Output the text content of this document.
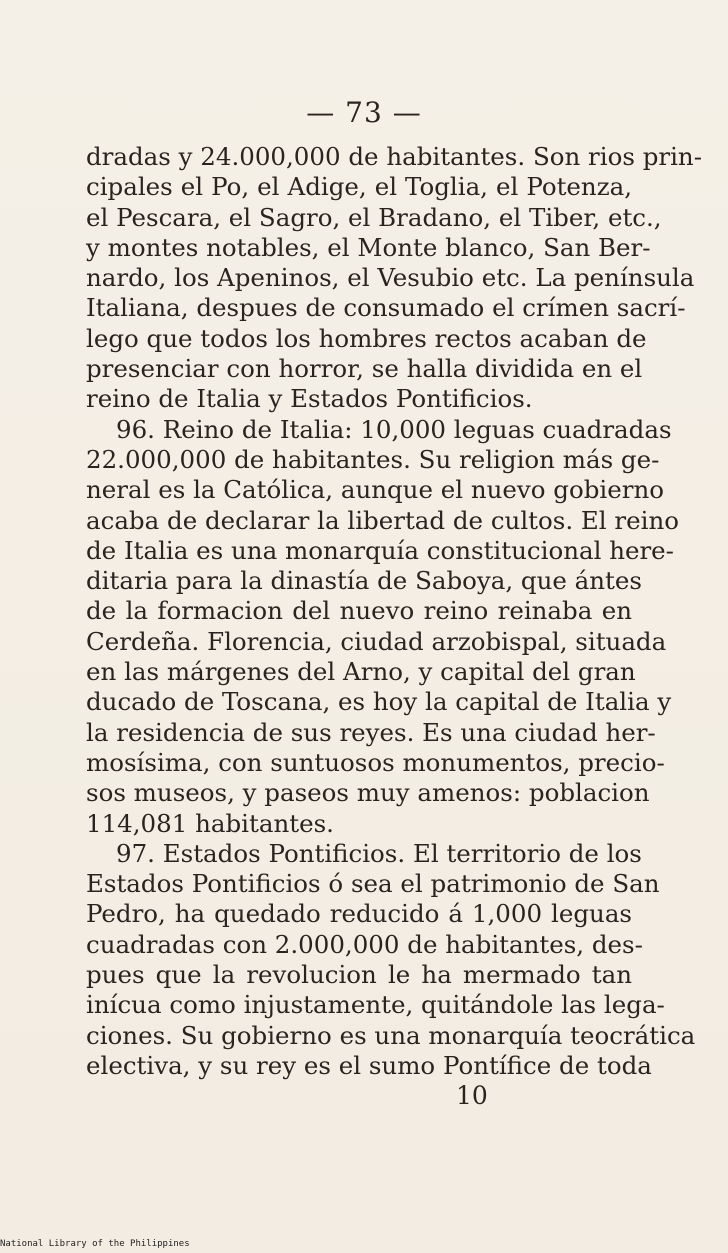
— 73 —
dradas y 24.000,000 de habitantes. Son rios prin-
cipales el Po, el Adige, el Toglia, el Potenza,
el Pescara, el Sagro, el Bradano, el Tiber, etc.,
y montes notables, el Monte blanco, San Ber-
nardo, los Apeninos, el Vesubio etc. La península
Italiana, despues de consumado el crímen sacrí-
lego que todos los hombres rectos acaban de
presenciar con horror, se halla dividida en el
reino de Italia y Estados Pontificios.
96. Reino de Italia: 10,000 leguas cuadradas
22.000,000 de habitantes. Su religion más ge-
neral es la Católica, aunque el nuevo gobierno
acaba de declarar la libertad de cultos. El reino
de Italia es una monarquía constitucional here-
ditaria para la dinastía de Saboya, que ántes
de la formacion del nuevo reino reinaba en
Cerdeña. Florencia, ciudad arzobispal, situada
en las márgenes del Arno, y capital del gran
ducado de Toscana, es hoy la capital de Italia y
la residencia de sus reyes. Es una ciudad her-
mosísima, con suntuosos monumentos, precio-
sos museos, y paseos muy amenos: poblacion
114,081 habitantes.
97. Estados Pontificios. El territorio de los
Estados Pontificios ó sea el patrimonio de San
Pedro, ha quedado reducido á 1,000 leguas
cuadradas con 2.000,000 de habitantes, des-
pues que la revolucion le ha mermado tan
inícua como injustamente, quitándole las lega-
ciones. Su gobierno es una monarquía teocrática
electiva, y su rey es el sumo Pontífice de toda
10
National Library of the Philippines
